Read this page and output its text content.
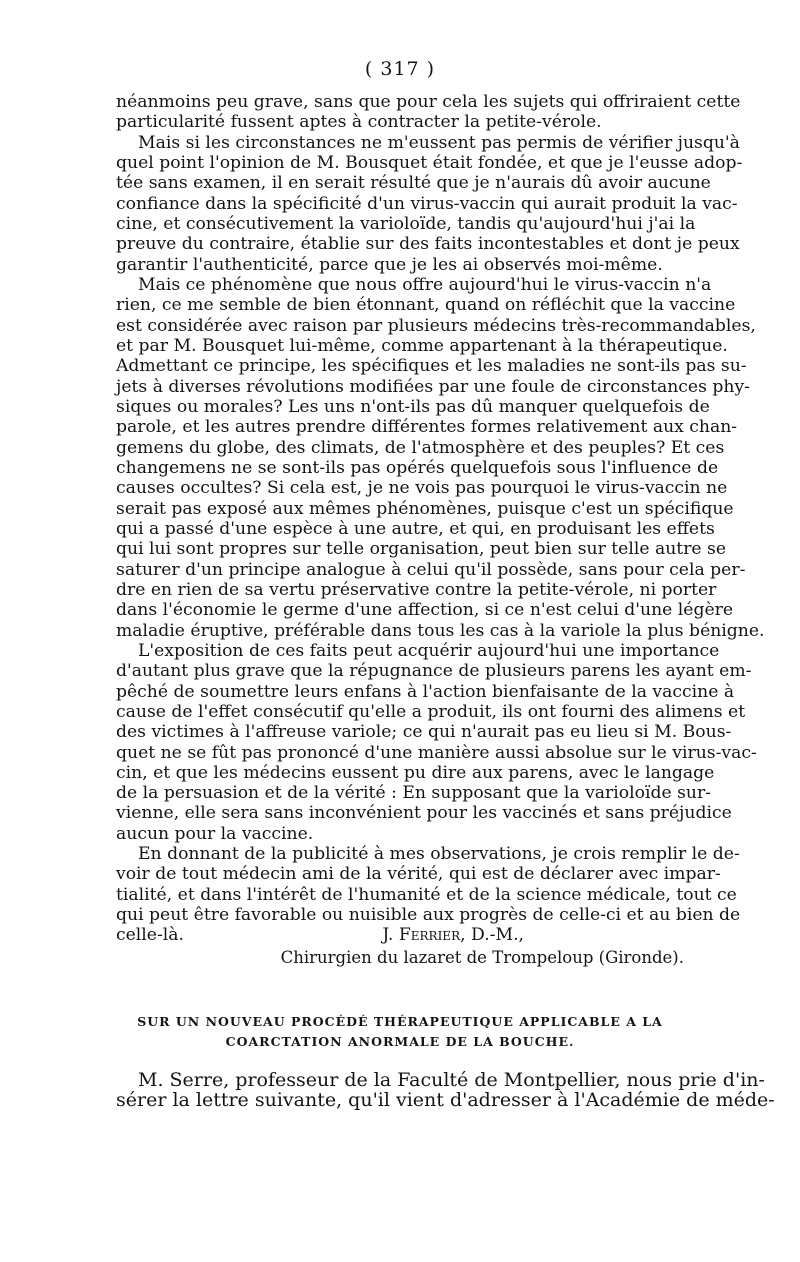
( 317 )
néanmoins peu grave, sans que pour cela les sujets qui offriraient cette
particularité fussent aptes à contracter la petite-vérole.
Mais si les circonstances ne m'eussent pas permis de vérifier jusqu'à
quel point l'opinion de M. Bousquet était fondée, et que je l'eusse adop-
tée sans examen, il en serait résulté que je n'aurais dû avoir aucune
confiance dans la spécificité d'un virus-vaccin qui aurait produit la vac-
cine, et consécutivement la varioloïde, tandis qu'aujourd'hui j'ai la
preuve du contraire, établie sur des faits incontestables et dont je peux
garantir l'authenticité, parce que je les ai observés moi-même.
Mais ce phénomène que nous offre aujourd'hui le virus-vaccin n'a
rien, ce me semble de bien étonnant, quand on réfléchit que la vaccine
est considérée avec raison par plusieurs médecins très-recommandables,
et par M. Bousquet lui-même, comme appartenant à la thérapeutique.
Admettant ce principe, les spécifiques et les maladies ne sont-ils pas su-
jets à diverses révolutions modifiées par une foule de circonstances phy-
siques ou morales? Les uns n'ont-ils pas dû manquer quelquefois de
parole, et les autres prendre différentes formes relativement aux chan-
gemens du globe, des climats, de l'atmosphère et des peuples? Et ces
changemens ne se sont-ils pas opérés quelquefois sous l'influence de
causes occultes? Si cela est, je ne vois pas pourquoi le virus-vaccin ne
serait pas exposé aux mêmes phénomènes, puisque c'est un spécifique
qui a passé d'une espèce à une autre, et qui, en produisant les effets
qui lui sont propres sur telle organisation, peut bien sur telle autre se
saturer d'un principe analogue à celui qu'il possède, sans pour cela per-
dre en rien de sa vertu préservative contre la petite-vérole, ni porter
dans l'économie le germe d'une affection, si ce n'est celui d'une légère
maladie éruptive, préférable dans tous les cas à la variole la plus bénigne.
L'exposition de ces faits peut acquérir aujourd'hui une importance
d'autant plus grave que la répugnance de plusieurs parens les ayant em-
pêché de soumettre leurs enfans à l'action bienfaisante de la vaccine à
cause de l'effet consécutif qu'elle a produit, ils ont fourni des alimens et
des victimes à l'affreuse variole; ce qui n'aurait pas eu lieu si M. Bous-
quet ne se fût pas prononcé d'une manière aussi absolue sur le virus-vac-
cin, et que les médecins eussent pu dire aux parens, avec le langage
de la persuasion et de la vérité : En supposant que la varioloïde sur-
vienne, elle sera sans inconvénient pour les vaccinés et sans préjudice
aucun pour la vaccine.
En donnant de la publicité à mes observations, je crois remplir le de-
voir de tout médecin ami de la vérité, qui est de déclarer avec impar-
tialité, et dans l'intérêt de l'humanité et de la science médicale, tout ce
qui peut être favorable ou nuisible aux progrès de celle-ci et au bien de
celle-là.	J. Ferrier, D.-M.,
Chirurgien du lazaret de Trompeloup (Gironde).
SUR UN NOUVEAU PROCÉDÉ THÉRAPEUTIQUE APPLICABLE A LA
COARCTATION ANORMALE DE LA BOUCHE.
M. Serre, professeur de la Faculté de Montpellier, nous prie d'in-
sérer la lettre suivante, qu'il vient d'adresser à l'Académie de méde-
